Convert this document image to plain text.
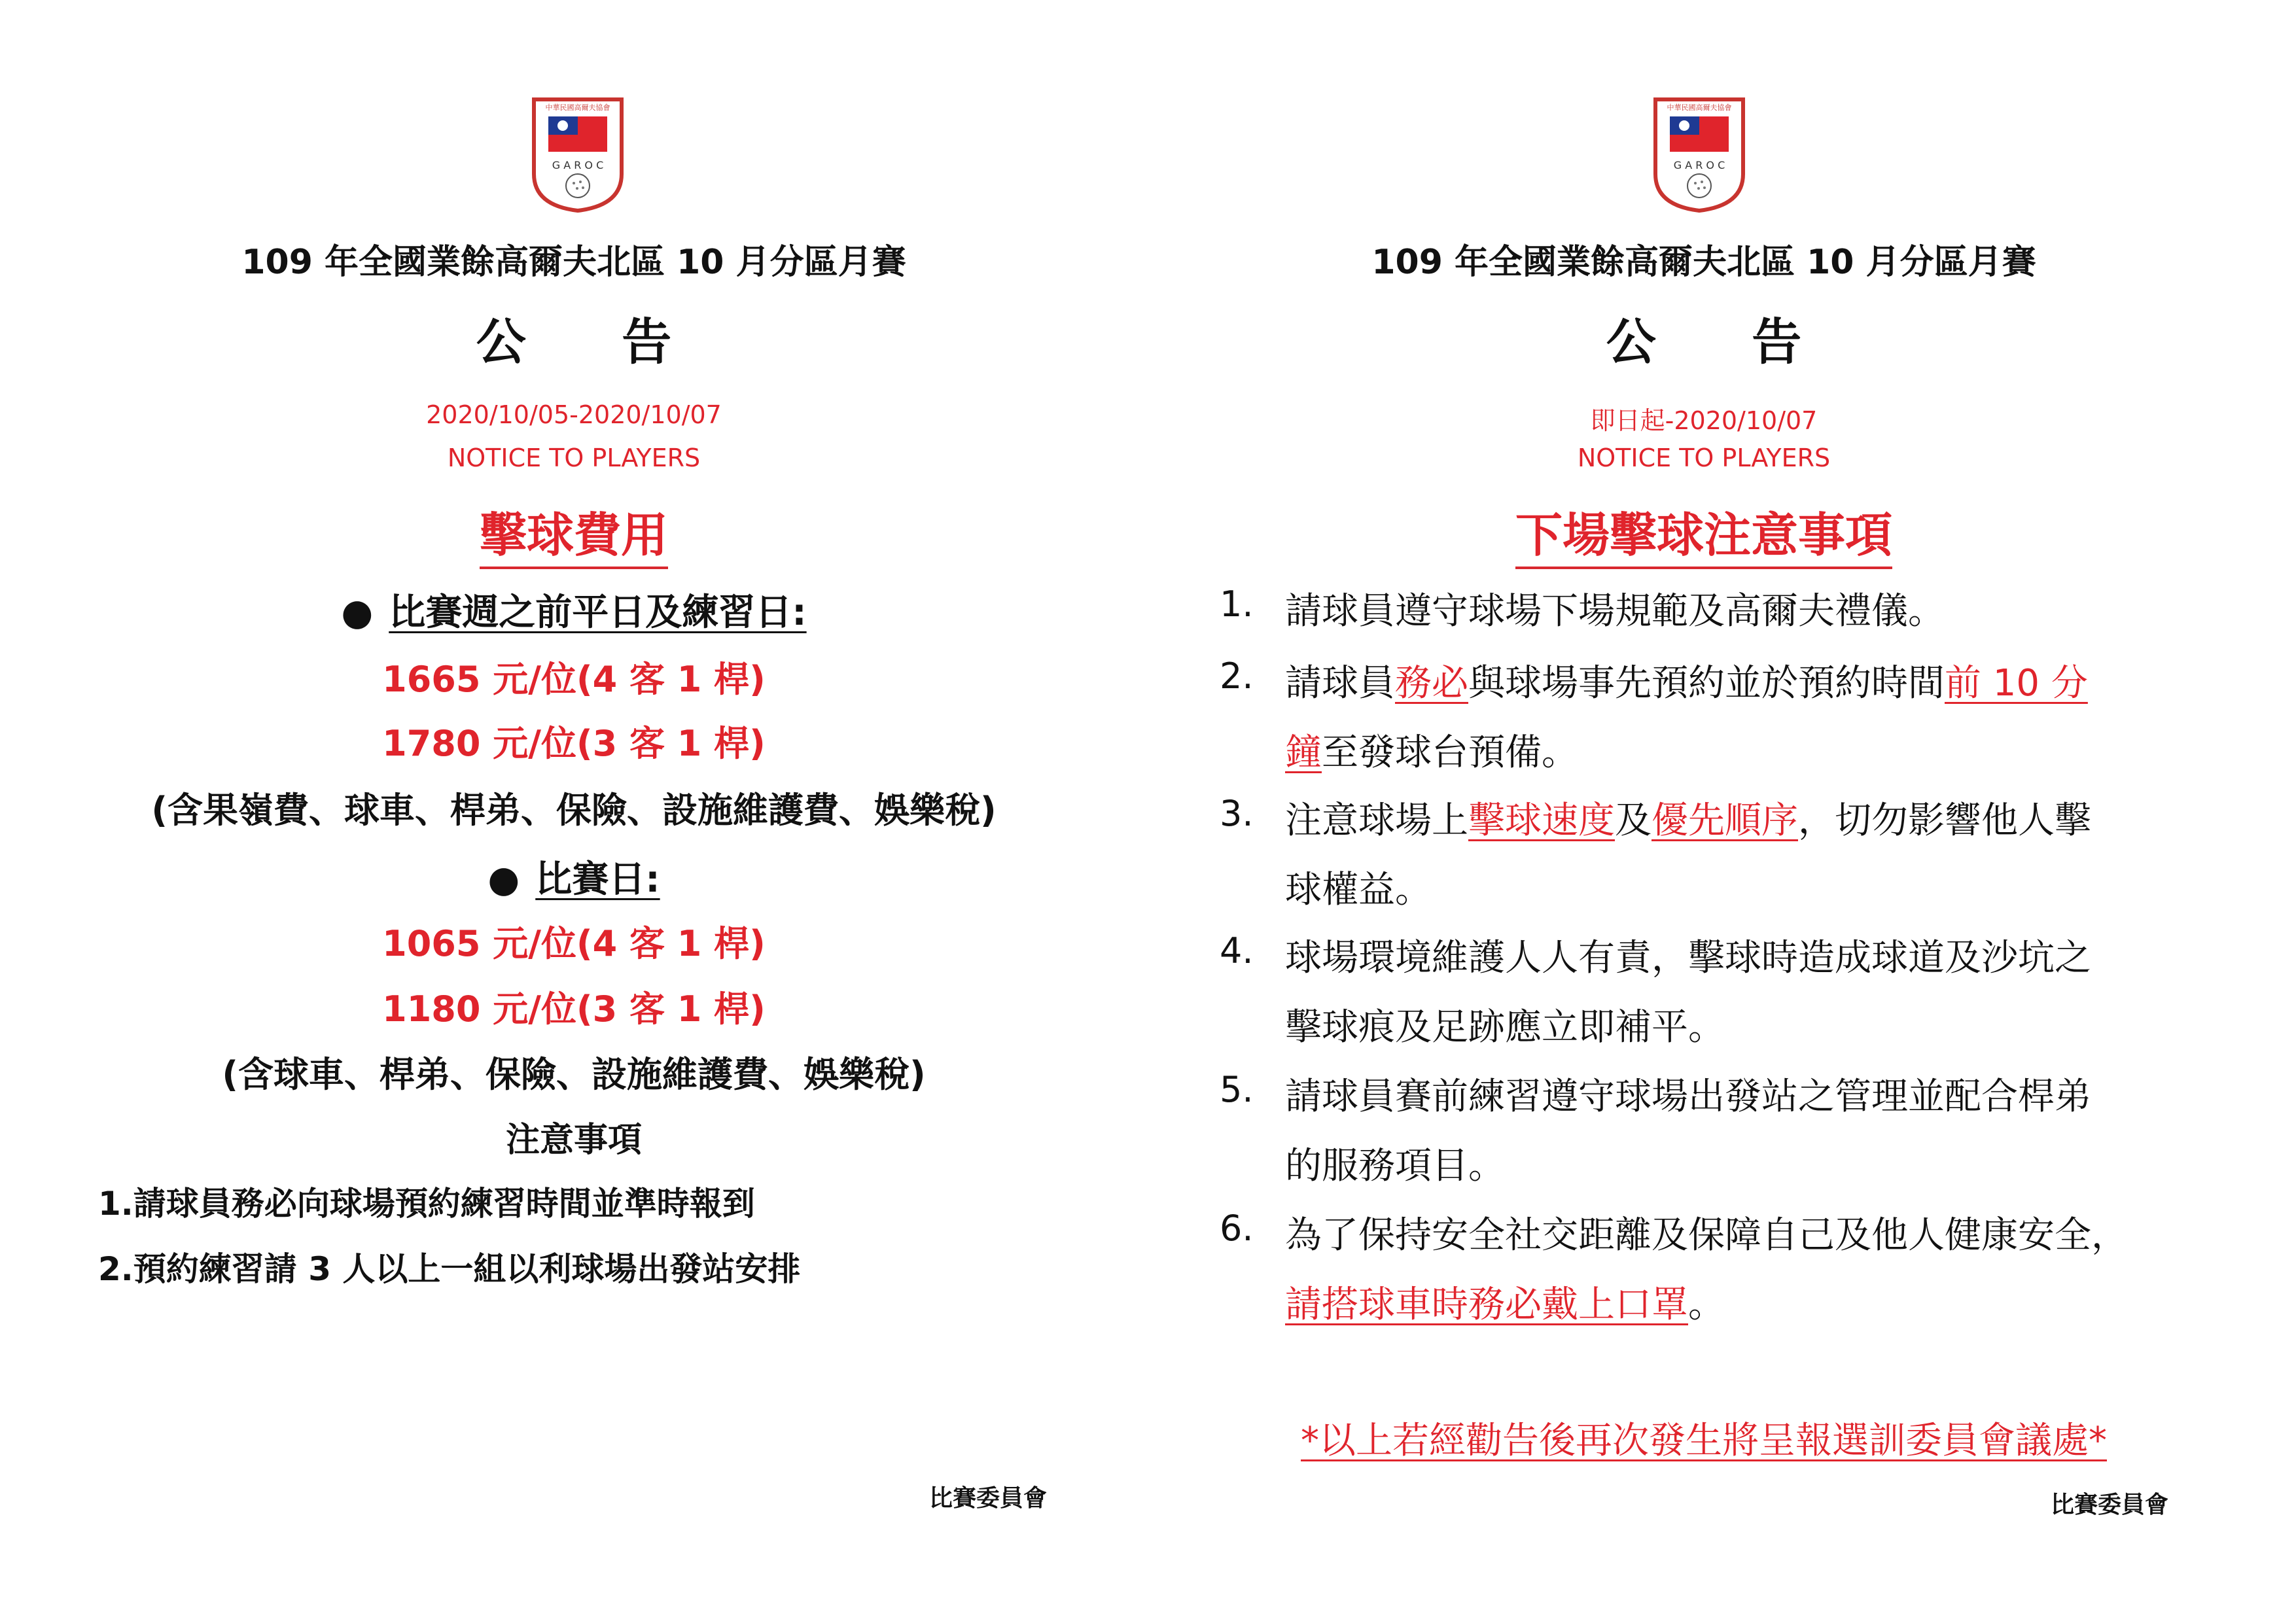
中華民國高爾夫協會
G A R O C
109 年全國業餘高爾夫北區 10 月分區月賽
公 告
2020/10/05-2020/10/07
NOTICE TO PLAYERS
擊球費用
● 比賽週之前平日及練習日:
1665 元/位(4 客 1 桿)
1780 元/位(3 客 1 桿)
(含果嶺費、球車、桿弟、保險、設施維護費、娛樂稅)
● 比賽日:
1065 元/位(4 客 1 桿)
1180 元/位(3 客 1 桿)
(含球車、桿弟、保險、設施維護費、娛樂稅)
注意事項
1.請球員務必向球場預約練習時間並準時報到
2.預約練習請 3 人以上一組以利球場出發站安排
比賽委員會
中華民國高爾夫協會
G A R O C
109 年全國業餘高爾夫北區 10 月分區月賽
公 告
即日起-2020/10/07
NOTICE TO PLAYERS
下場擊球注意事項
1. 請球員遵守球場下場規範及高爾夫禮儀。
2. 請球員務必與球場事先預約並於預約時間前 10 分
鐘至發球台預備。
3. 注意球場上擊球速度及優先順序，切勿影響他人擊
球權益。
4. 球場環境維護人人有責，擊球時造成球道及沙坑之
擊球痕及足跡應立即補平。
5. 請球員賽前練習遵守球場出發站之管理並配合桿弟
的服務項目。
6. 為了保持安全社交距離及保障自己及他人健康安全，
請搭球車時務必戴上口罩。
*以上若經勸告後再次發生將呈報選訓委員會議處*
比賽委員會
